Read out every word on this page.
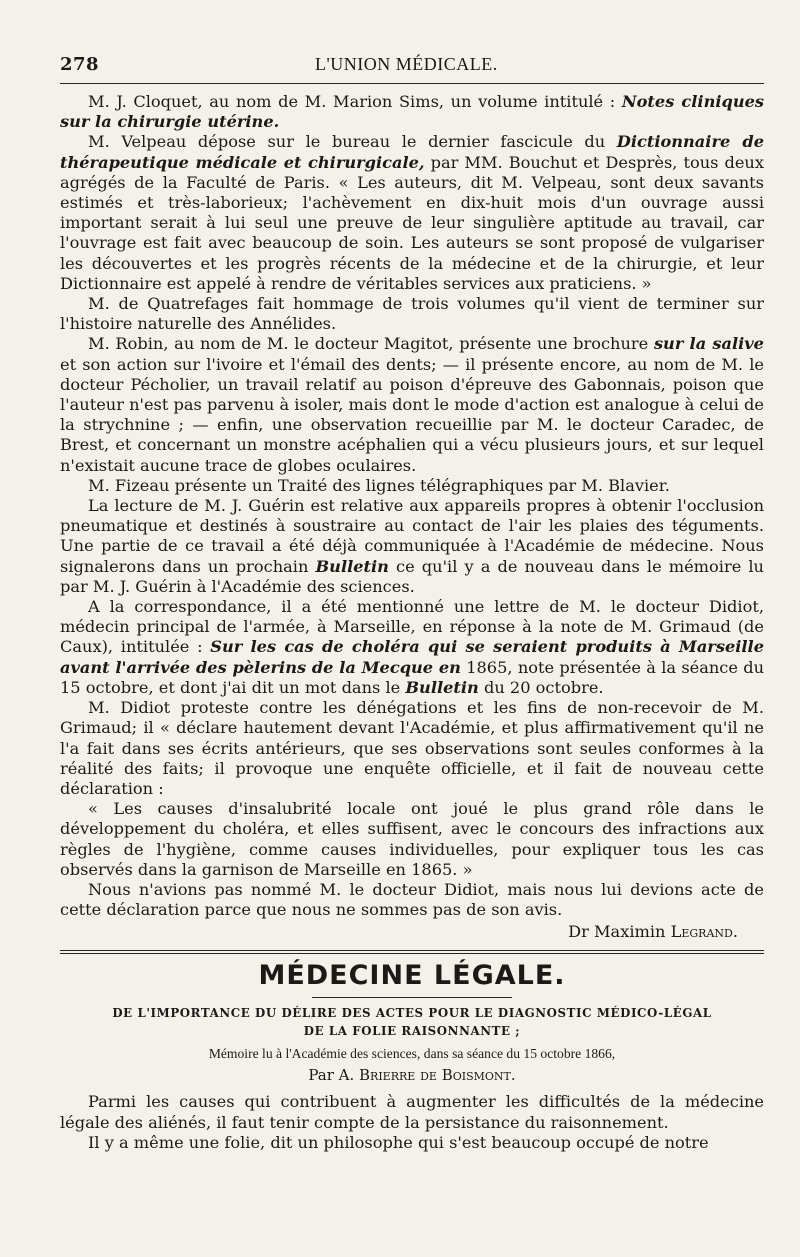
278	L'UNION MÉDICALE.

M. J. Cloquet, au nom de M. Marion Sims, un volume intitulé : Notes cliniques sur la chirurgie utérine.

M. Velpeau dépose sur le bureau le dernier fascicule du Dictionnaire de thérapeutique médicale et chirurgicale, par MM. Bouchut et Desprès, tous deux agrégés de la Faculté de Paris. « Les auteurs, dit M. Velpeau, sont deux savants estimés et très-laborieux; l'achèvement en dix-huit mois d'un ouvrage aussi important serait à lui seul une preuve de leur singulière aptitude au travail, car l'ouvrage est fait avec beaucoup de soin. Les auteurs se sont proposé de vulgariser les découvertes et les progrès récents de la médecine et de la chirurgie, et leur Dictionnaire est appelé à rendre de véritables services aux praticiens. »

M. de Quatrefages fait hommage de trois volumes qu'il vient de terminer sur l'histoire naturelle des Annélides.

M. Robin, au nom de M. le docteur Magitot, présente une brochure sur la salive et son action sur l'ivoire et l'émail des dents; — il présente encore, au nom de M. le docteur Pécholier, un travail relatif au poison d'épreuve des Gabonnais, poison que l'auteur n'est pas parvenu à isoler, mais dont le mode d'action est analogue à celui de la strychnine ; — enfin, une observation recueillie par M. le docteur Caradec, de Brest, et concernant un monstre acéphalien qui a vécu plusieurs jours, et sur lequel n'existait aucune trace de globes oculaires.

M. Fizeau présente un Traité des lignes télégraphiques par M. Blavier.

La lecture de M. J. Guérin est relative aux appareils propres à obtenir l'occlusion pneumatique et destinés à soustraire au contact de l'air les plaies des téguments. Une partie de ce travail a été déjà communiquée à l'Académie de médecine. Nous signalerons dans un prochain Bulletin ce qu'il y a de nouveau dans le mémoire lu par M. J. Guérin à l'Académie des sciences.

A la correspondance, il a été mentionné une lettre de M. le docteur Didiot, médecin principal de l'armée, à Marseille, en réponse à la note de M. Grimaud (de Caux), intitulée : Sur les cas de choléra qui se seraient produits à Marseille avant l'arrivée des pèlerins de la Mecque en 1865, note présentée à la séance du 15 octobre, et dont j'ai dit un mot dans le Bulletin du 20 octobre.

M. Didiot proteste contre les dénégations et les fins de non-recevoir de M. Grimaud; il « déclare hautement devant l'Académie, et plus affirmativement qu'il ne l'a fait dans ses écrits antérieurs, que ses observations sont seules conformes à la réalité des faits; il provoque une enquête officielle, et il fait de nouveau cette déclaration :

« Les causes d'insalubrité locale ont joué le plus grand rôle dans le développement du choléra, et elles suffisent, avec le concours des infractions aux règles de l'hygiène, comme causes individuelles, pour expliquer tous les cas observés dans la garnison de Marseille en 1865. »

Nous n'avions pas nommé M. le docteur Didiot, mais nous lui devions acte de cette déclaration parce que nous ne sommes pas de son avis.

Dr Maximin Legrand.
MÉDECINE LÉGALE.
DE L'IMPORTANCE DU DÉLIRE DES ACTES POUR LE DIAGNOSTIC MÉDICO-LÉGAL
DE LA FOLIE RAISONNANTE ;
Mémoire lu à l'Académie des sciences, dans sa séance du 15 octobre 1866,
Par A. Brierre de Boismont.

Parmi les causes qui contribuent à augmenter les difficultés de la médecine légale des aliénés, il faut tenir compte de la persistance du raisonnement.

Il y a même une folie, dit un philosophe qui s'est beaucoup occupé de notre
